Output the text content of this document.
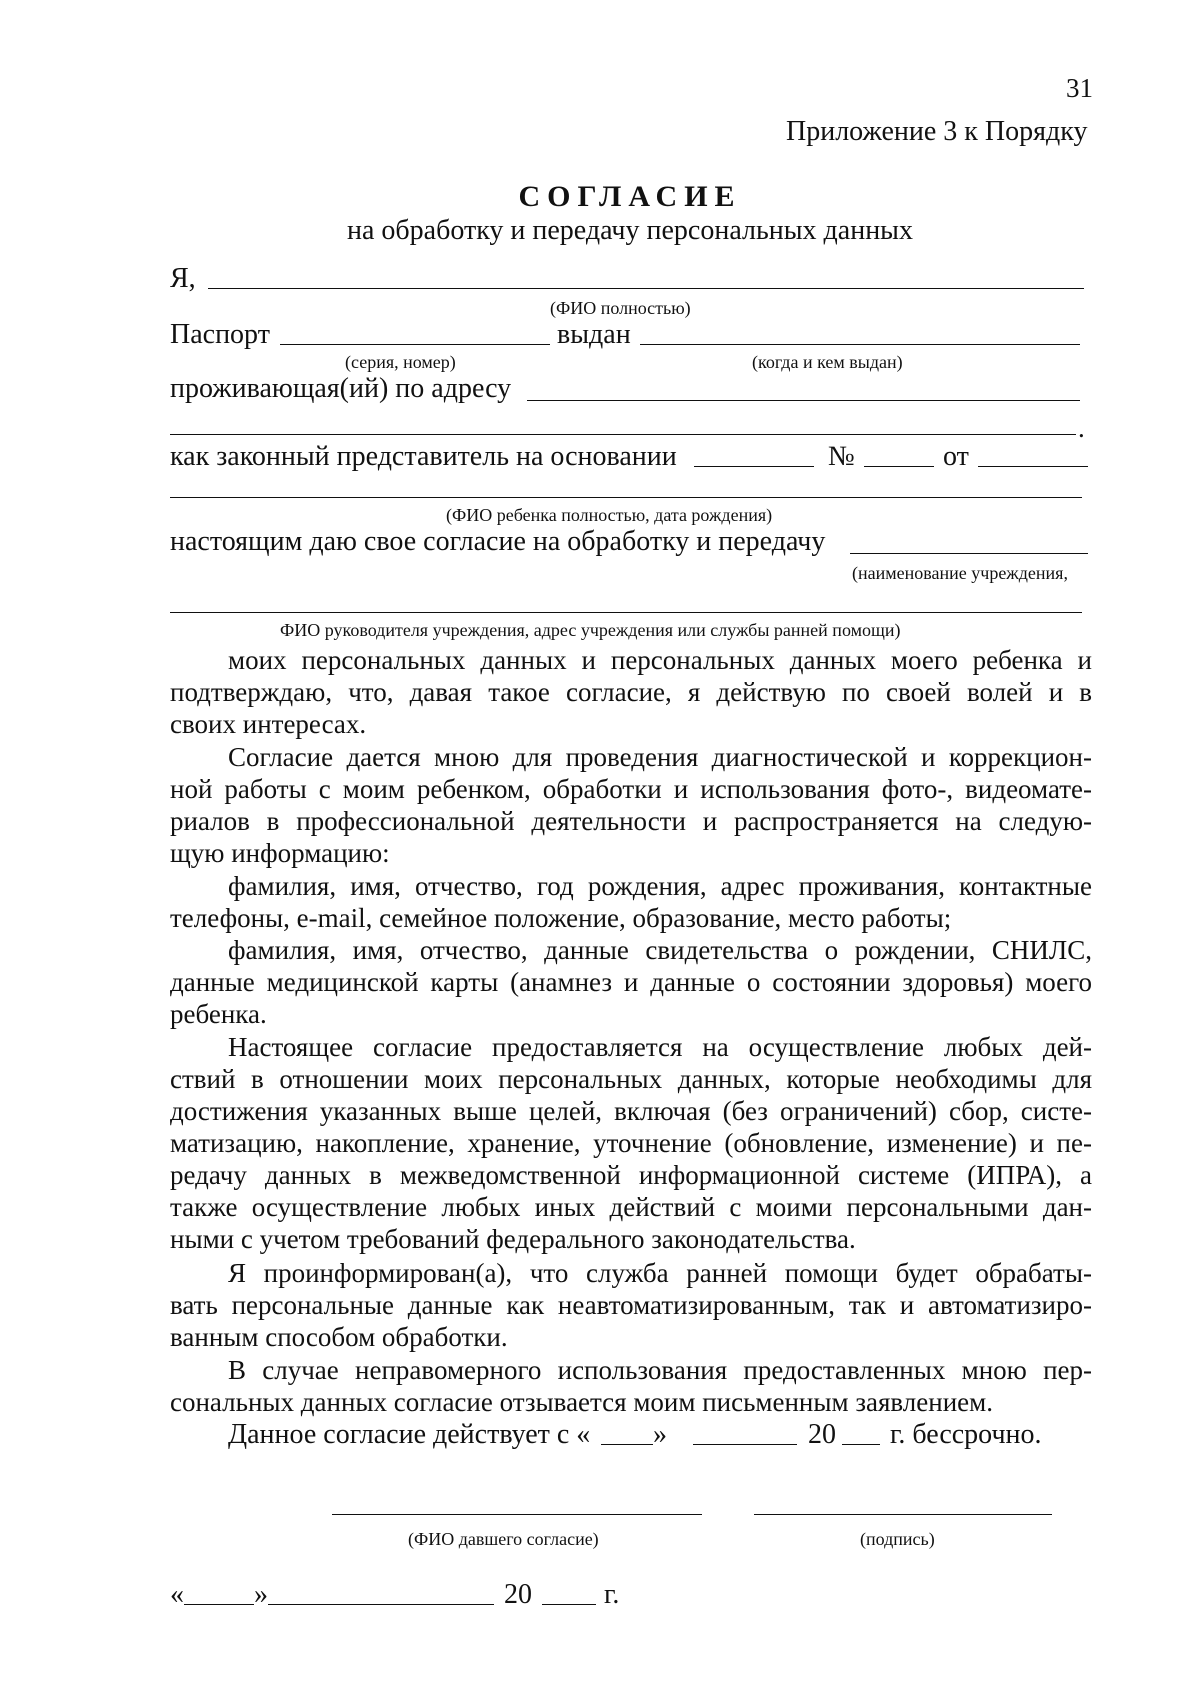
31
Приложение 3 к Порядку
СОГЛАСИЕ
на обработку и передачу персональных данных
Я,
(ФИО полностью)
Паспорт	выдан
(серия, номер)	(когда и кем выдан)
проживающая(ий) по адресу
.
как законный представитель на основании	№	от
(ФИО ребенка полностью, дата рождения)
настоящим даю свое согласие на обработку и передачу
(наименование учреждения,
ФИО руководителя учреждения, адрес учреждения или службы ранней помощи)
моих персональных данных и персональных данных моего ребенка и
подтверждаю, что, давая такое согласие, я действую по своей волей и в
своих интересах.
Согласие дается мною для проведения диагностической и коррекцион-
ной работы с моим ребенком, обработки и использования фото-, видеомате-
риалов в профессиональной деятельности и распространяется на следую-
щую информацию:
фамилия, имя, отчество, год рождения, адрес проживания, контактные
телефоны, e-mail, семейное положение, образование, место работы;
фамилия, имя, отчество, данные свидетельства о рождении, СНИЛС,
данные медицинской карты (анамнез и данные о состоянии здоровья) моего
ребенка.
Настоящее согласие предоставляется на осуществление любых дей-
ствий в отношении моих персональных данных, которые необходимы для
достижения указанных выше целей, включая (без ограничений) сбор, систе-
матизацию, накопление, хранение, уточнение (обновление, изменение) и пе-
редачу данных в межведомственной информационной системе (ИПРА), а
также осуществление любых иных действий с моими персональными дан-
ными с учетом требований федерального законодательства.
Я проинформирован(а), что служба ранней помощи будет обрабаты-
вать персональные данные как неавтоматизированным, так и автоматизиро-
ванным способом обработки.
В случае неправомерного использования предоставленных мною пер-
сональных данных согласие отзывается моим письменным заявлением.
Данное согласие действует с « »	20 г. бессрочно.
(ФИО давшего согласие)	(подпись)
«	»	20	г.
